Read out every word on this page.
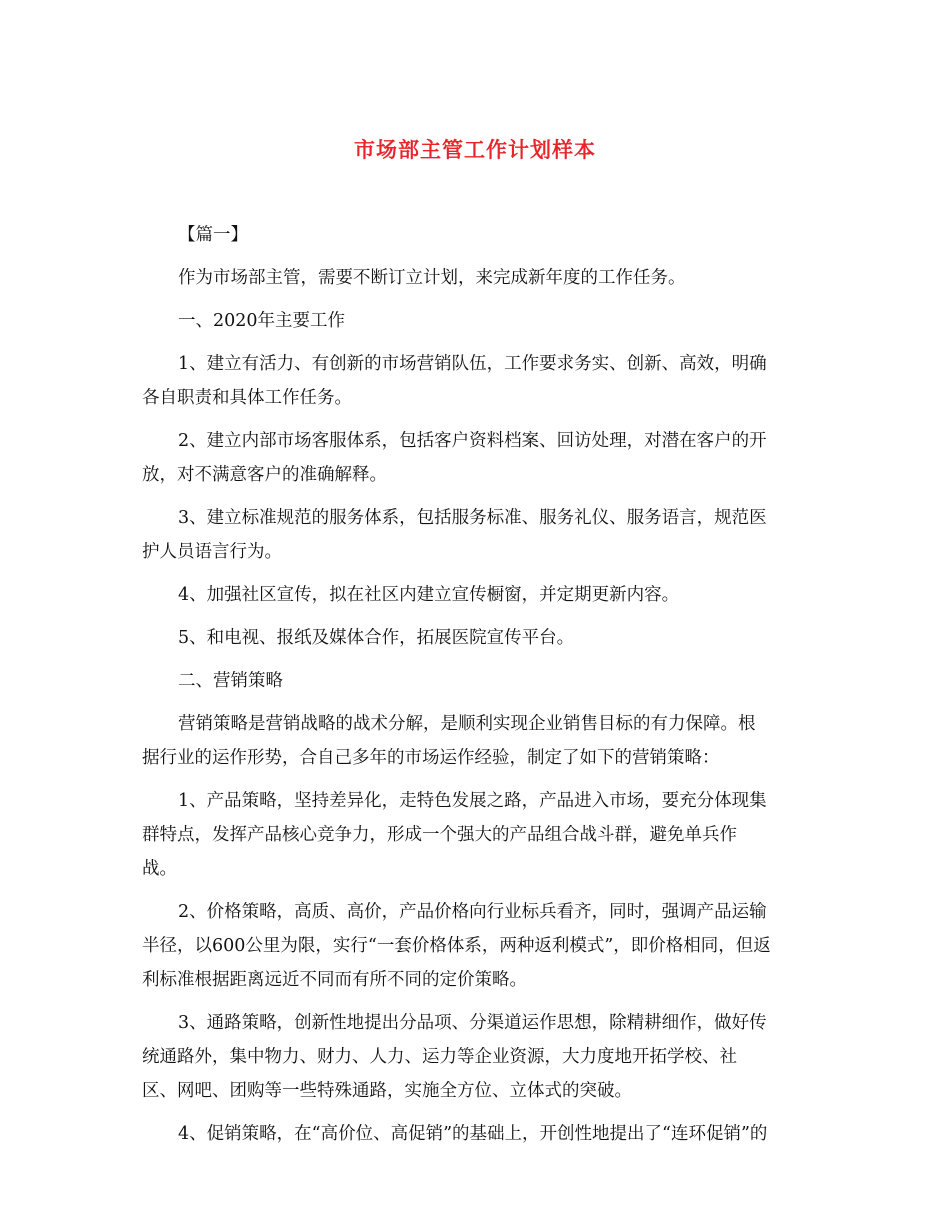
市场部主管工作计划样本

【篇一】

作为市场部主管，需要不断订立计划，来完成新年度的工作任务。

一、2020年主要工作

1、建立有活力、有创新的市场营销队伍，工作要求务实、创新、高效，明确
各自职责和具体工作任务。

2、建立内部市场客服体系，包括客户资料档案、回访处理，对潜在客户的开
放，对不满意客户的准确解释。

3、建立标准规范的服务体系，包括服务标准、服务礼仪、服务语言，规范医
护人员语言行为。

4、加强社区宣传，拟在社区内建立宣传橱窗，并定期更新内容。

5、和电视、报纸及媒体合作，拓展医院宣传平台。

二、营销策略

营销策略是营销战略的战术分解，是顺利实现企业销售目标的有力保障。根
据行业的运作形势，合自己多年的市场运作经验，制定了如下的营销策略：

1、产品策略，坚持差异化，走特色发展之路，产品进入市场，要充分体现集
群特点，发挥产品核心竞争力，形成一个强大的产品组合战斗群，避免单兵作
战。

2、价格策略，高质、高价，产品价格向行业标兵看齐，同时，强调产品运输
半径，以600公里为限，实行“一套价格体系，两种返利模式”，即价格相同，但返
利标准根据距离远近不同而有所不同的定价策略。

3、通路策略，创新性地提出分品项、分渠道运作思想，除精耕细作，做好传
统通路外，集中物力、财力、人力、运力等企业资源，大力度地开拓学校、社
区、网吧、团购等一些特殊通路，实施全方位、立体式的突破。

4、促销策略，在“高价位、高促销”的基础上，开创性地提出了“连环促销”的
